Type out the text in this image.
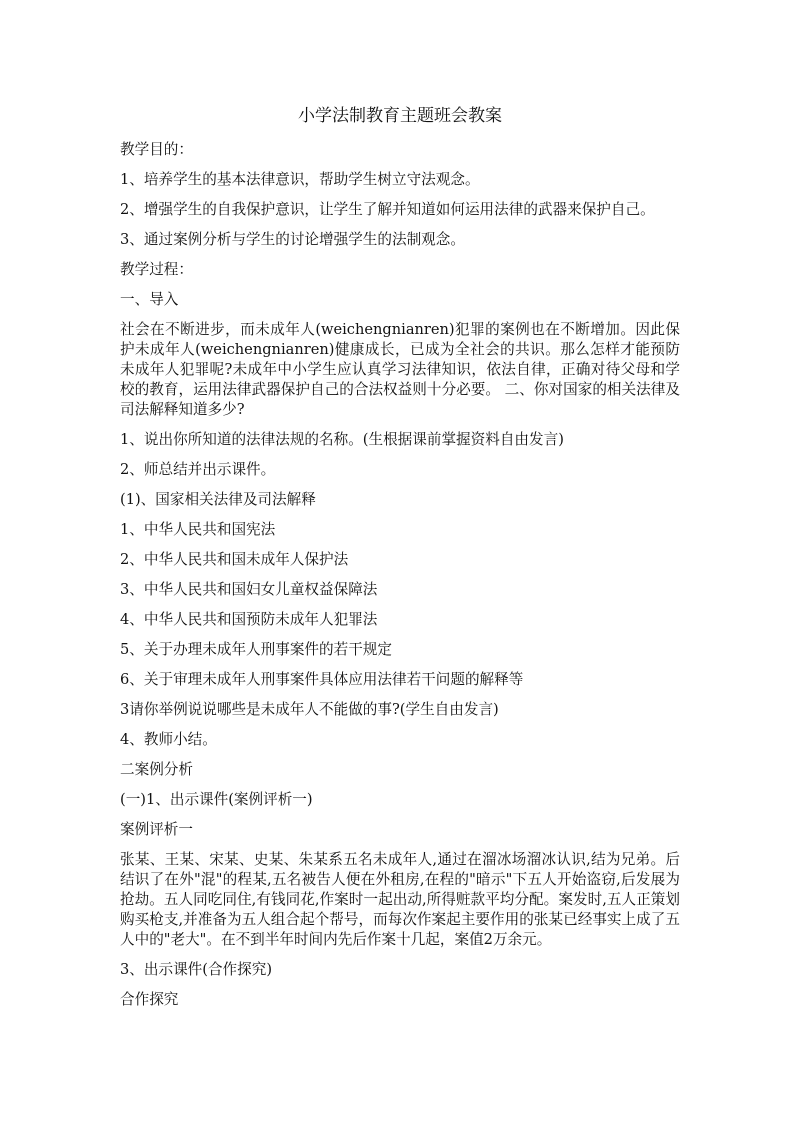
小学法制教育主题班会教案

教学目的：

1、培养学生的基本法律意识，帮助学生树立守法观念。

2、增强学生的自我保护意识，让学生了解并知道如何运用法律的武器来保护自己。

3、通过案例分析与学生的讨论增强学生的法制观念。

教学过程：

一、导入

社会在不断进步，而未成年人(weichengnianren)犯罪的案例也在不断增加。因此保护未成年人(weichengnianren)健康成长，已成为全社会的共识。那么怎样才能预防未成年人犯罪呢?未成年中小学生应认真学习法律知识，依法自律，正确对待父母和学校的教育，运用法律武器保护自己的合法权益则十分必要。 二、你对国家的相关法律及司法解释知道多少?

1、说出你所知道的法律法规的名称。(生根据课前掌握资料自由发言)

2、师总结并出示课件。

(1)、国家相关法律及司法解释

1、中华人民共和国宪法

2、中华人民共和国未成年人保护法

3、中华人民共和国妇女儿童权益保障法

4、中华人民共和国预防未成年人犯罪法

5、关于办理未成年人刑事案件的若干规定

6、关于审理未成年人刑事案件具体应用法律若干问题的解释等

3请你举例说说哪些是未成年人不能做的事?(学生自由发言)

4、教师小结。

二案例分析

(一)1、出示课件(案例评析一)

案例评析一

张某、王某、宋某、史某、朱某系五名未成年人,通过在溜冰场溜冰认识,结为兄弟。后结识了在外"混"的程某,五名被告人便在外租房,在程的"暗示"下五人开始盗窃,后发展为抢劫。五人同吃同住,有钱同花,作案时一起出动,所得赃款平均分配。案发时,五人正策划购买枪支,并准备为五人组合起个帮号，而每次作案起主要作用的张某已经事实上成了五人中的"老大"。在不到半年时间内先后作案十几起，案值2万余元。

3、出示课件(合作探究)

合作探究
